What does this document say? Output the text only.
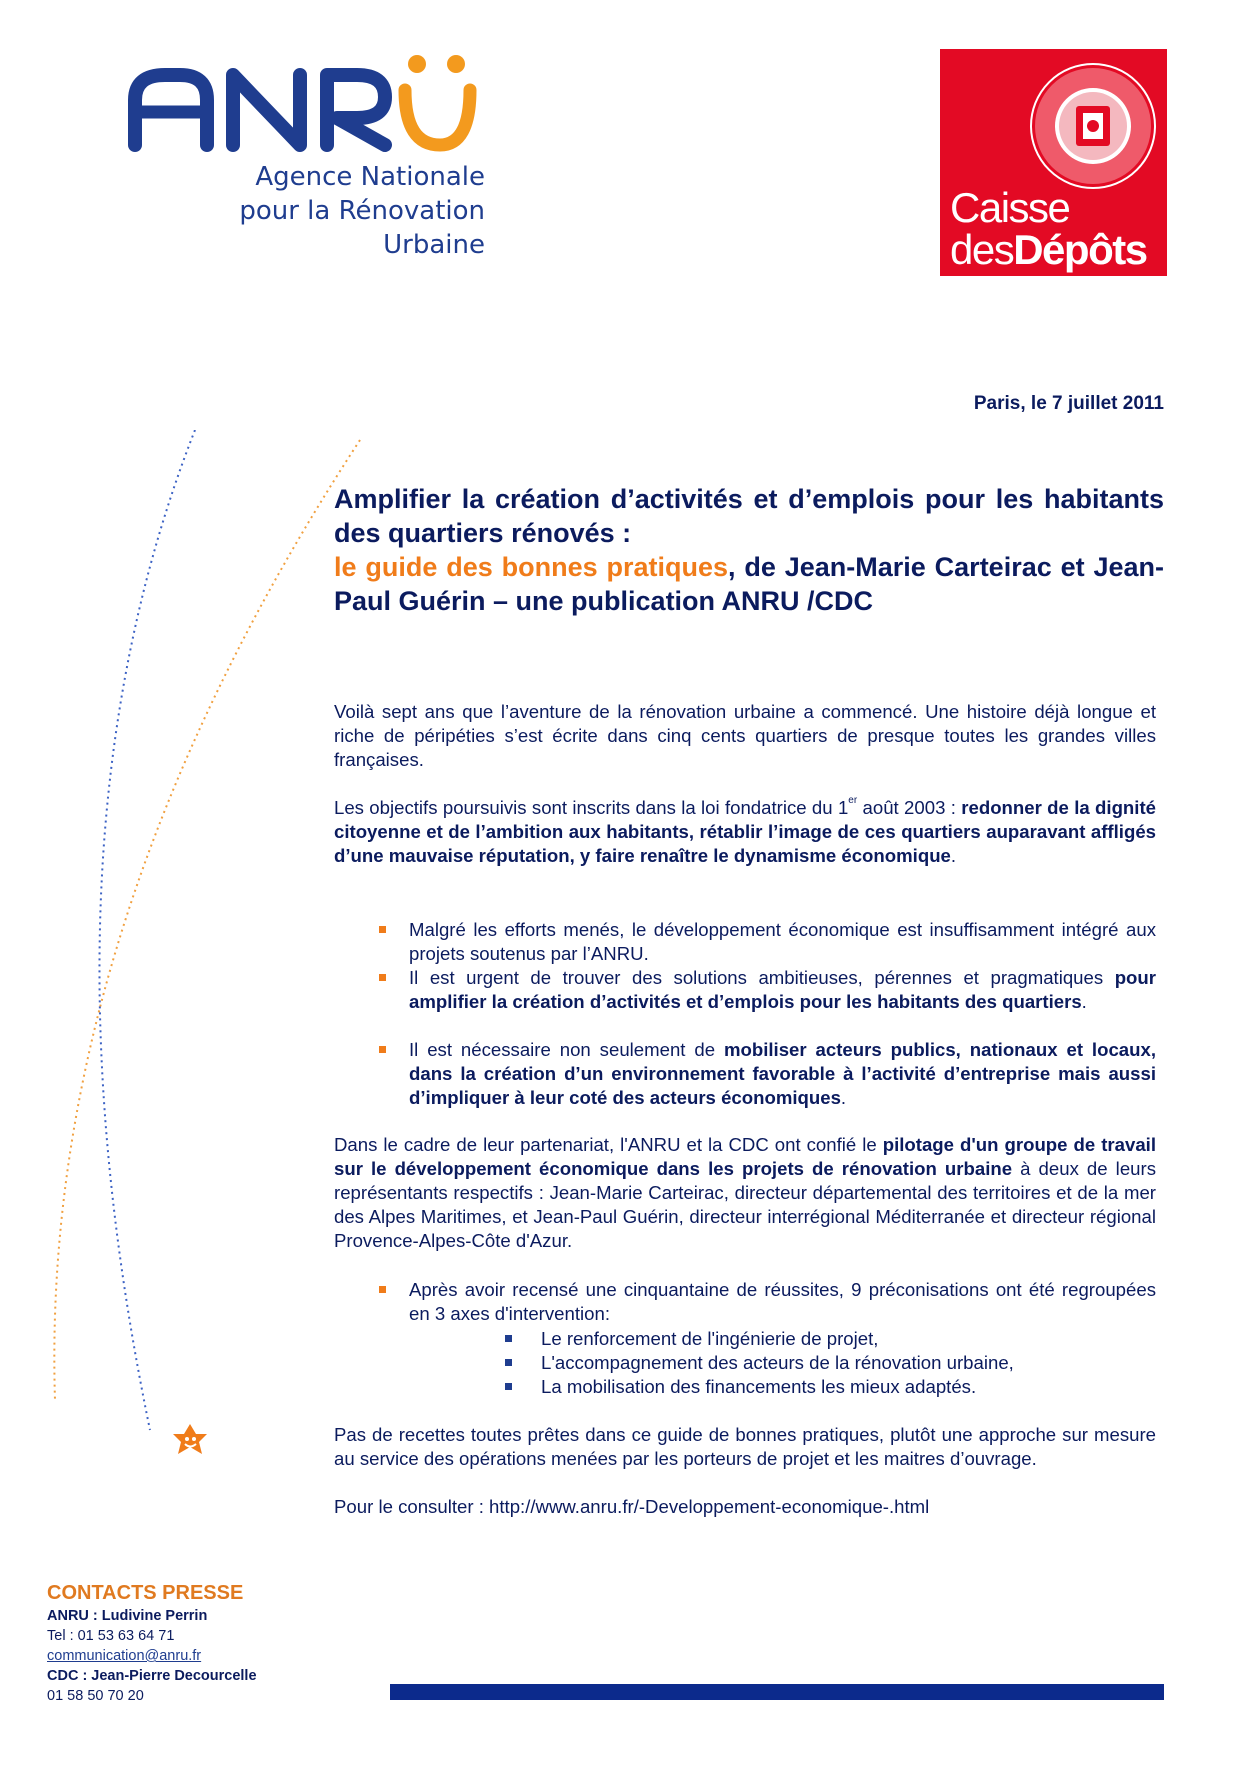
Agence Nationale
pour la Rénovation
Urbaine
Caisse
desDépôts
Paris, le 7 juillet 2011
Amplifier la création d’activités et d’emplois pour les habitants des quartiers rénovés :
le guide des bonnes pratiques, de Jean-Marie Carteirac et Jean-Paul Guérin – une publication ANRU /CDC
Voilà sept ans que l’aventure de la rénovation urbaine a commencé. Une histoire déjà longue et riche de péripéties s’est écrite dans cinq cents quartiers de presque toutes les grandes villes françaises.
Les objectifs poursuivis sont inscrits dans la loi fondatrice du 1er août 2003 : redonner de la dignité citoyenne et de l’ambition aux habitants, rétablir l’image de ces quartiers auparavant affligés d’une mauvaise réputation, y faire renaître le dynamisme économique.
Malgré les efforts menés, le développement économique est insuffisamment intégré aux projets soutenus par l’ANRU.
Il est urgent de trouver des solutions ambitieuses, pérennes et pragmatiques pour amplifier la création d’activités et d’emplois pour les habitants des quartiers.
Il est nécessaire non seulement de mobiliser acteurs publics, nationaux et locaux, dans la création d’un environnement favorable à l’activité d’entreprise mais aussi d’impliquer à leur coté des acteurs économiques.
Dans le cadre de leur partenariat, l'ANRU et la CDC ont confié le pilotage d'un groupe de travail sur le développement économique dans les projets de rénovation urbaine à deux de leurs représentants respectifs : Jean-Marie Carteirac, directeur départemental des territoires et de la mer des Alpes Maritimes, et Jean-Paul Guérin, directeur interrégional Méditerranée et directeur régional Provence-Alpes-Côte d'Azur.
Après avoir recensé une cinquantaine de réussites, 9 préconisations ont été regroupées en 3 axes d'intervention:
Le renforcement de l'ingénierie de projet,
L'accompagnement des acteurs de la rénovation urbaine,
La mobilisation des financements les mieux adaptés.
Pas de recettes toutes prêtes dans ce guide de bonnes pratiques, plutôt une approche sur mesure au service des opérations menées par les porteurs de projet et les maitres d’ouvrage.
Pour le consulter : http://www.anru.fr/-Developpement-economique-.html
CONTACTS PRESSE
ANRU : Ludivine Perrin
Tel : 01 53 63 64 71
communication@anru.fr
CDC : Jean-Pierre Decourcelle
01 58 50 70 20
